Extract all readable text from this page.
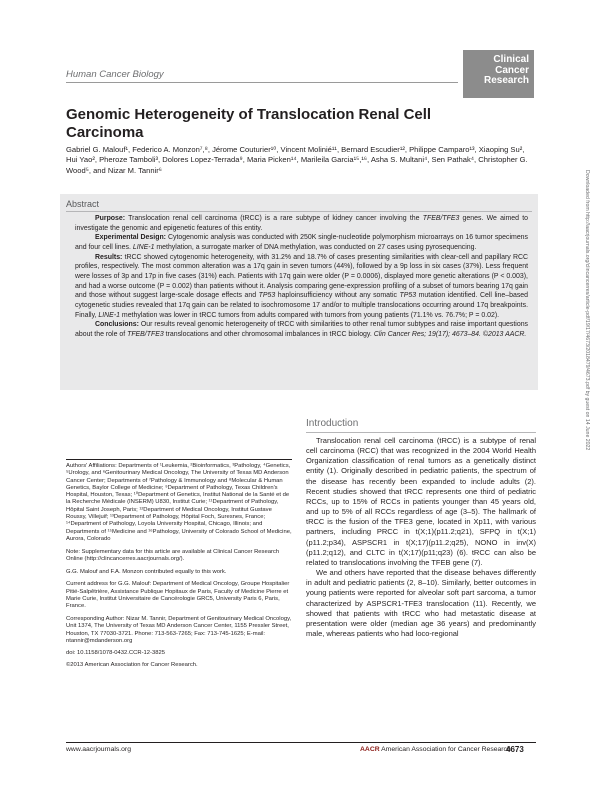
Human Cancer Biology
Clinical
Cancer
Research
Genomic Heterogeneity of Translocation Renal Cell Carcinoma
Gabriel G. Malouf¹, Federico A. Monzon⁷,⁸, Jérome Couturier¹⁰, Vincent Molinié¹¹, Bernard Escudier¹², Philippe Camparo¹³, Xiaoping Su², Hui Yao², Pheroze Tamboli³, Dolores Lopez-Terrada⁹, Maria Picken¹⁴, Marileila Garcia¹⁵,¹⁶, Asha S. Multani⁴, Sen Pathak⁴, Christopher G. Wood⁵, and Nizar M. Tannir⁶
Abstract

Purpose: Translocation renal cell carcinoma (tRCC) is a rare subtype of kidney cancer involving the TFEB/TFE3 genes. We aimed to investigate the genomic and epigenetic features of this entity.

Experimental Design: Cytogenomic analysis was conducted with 250K single-nucleotide polymorphism microarrays on 16 tumor specimens and four cell lines. LINE-1 methylation, a surrogate marker of DNA methylation, was conducted on 27 cases using pyrosequencing.

Results: tRCC showed cytogenomic heterogeneity, with 31.2% and 18.7% of cases presenting similarities with clear-cell and papillary RCC profiles, respectively. The most common alteration was a 17q gain in seven tumors (44%), followed by a 9p loss in six cases (37%). Less frequent were losses of 3p and 17p in five cases (31%) each. Patients with 17q gain were older (P = 0.0006), displayed more genetic alterations (P < 0.003), and had a worse outcome (P = 0.002) than patients without it. Analysis comparing gene-expression profiling of a subset of tumors bearing 17q gain and those without suggest large-scale dosage effects and TP53 haploinsufficiency without any somatic TP53 mutation identified. Cell line–based cytogenetic studies revealed that 17q gain can be related to isochromosome 17 and/or to multiple translocations occurring around 17q breakpoints. Finally, LINE-1 methylation was lower in tRCC tumors from adults compared with tumors from young patients (71.1% vs. 76.7%; P = 0.02).

Conclusions: Our results reveal genomic heterogeneity of tRCC with similarities to other renal tumor subtypes and raise important questions about the role of TFEB/TFE3 translocations and other chromosomal imbalances in tRCC biology. Clin Cancer Res; 19(17); 4673–84. ©2013 AACR.	Downloaded from http://aacrjournals.org/clincancerres/article-pdf/19/17/4673/2018479/4673.pdf by guest on 14 June 2022

Authors' Affiliations: Departments of ¹Leukemia, ²Bioinformatics, ³Pathology, ⁴Genetics, ⁵Urology, and ⁶Genitourinary Medical Oncology, The University of Texas MD Anderson Cancer Center; Departments of ⁷Pathology & Immunology and ⁸Molecular & Human Genetics, Baylor College of Medicine; ⁹Department of Pathology, Texas Children's Hospital, Houston, Texas; ¹⁰Department of Genetics, Institut National de la Santé et de la Recherche Médicale (INSERM) U830, Institut Curie; ¹¹Department of Pathology, Hôpital Saint Joseph, Paris; ¹²Department of Medical Oncology, Institut Gustave Roussy, Villejuif; ¹³Department of Pathology, Hôpital Foch, Suresnes, France; ¹⁴Department of Pathology, Loyola University Hospital, Chicago, Illinois; and Departments of ¹⁵Medicine and ¹⁶Pathology, University of Colorado School of Medicine, Aurora, Colorado

Note: Supplementary data for this article are available at Clinical Cancer Research Online (http://clincancerres.aacrjournals.org/).

G.G. Malouf and F.A. Monzon contributed equally to this work.

Current address for G.G. Malouf: Department of Medical Oncology, Groupe Hospitalier Pitié-Salpêtrière, Assistance Publique Hopitaux de Paris, Faculty of Medicine Pierre et Marie Curie, Institut Universitaire de Cancérologie GRC5, University Paris 6, Paris, France.

Corresponding Author: Nizar M. Tannir, Department of Genitourinary Medical Oncology, Unit 1374, The University of Texas MD Anderson Cancer Center, 1155 Pressler Street, Houston, TX 77030-3721. Phone: 713-563-7265; Fax: 713-745-1625; E-mail: ntannir@mdanderson.org

doi: 10.1158/1078-0432.CCR-12-3825

©2013 American Association for Cancer Research.

Introduction

Translocation renal cell carcinoma (tRCC) is a subtype of renal cell carcinoma (RCC) that was recognized in the 2004 World Health Organization classification of renal tumors as a genetically distinct entity (1). Originally described in pediatric patients, the spectrum of the disease has recently been expanded to include adults (2). Recent studies showed that tRCC represents one third of pediatric RCCs, up to 15% of RCCs in patients younger than 45 years old, and up to 5% of all RCCs regardless of age (3–5). The hallmark of tRCC is the fusion of the TFE3 gene, located in Xp11, with various partners, including PRCC in t(X;1)(p11.2;q21), SFPQ in t(X;1)(p11.2;p34), ASPSCR1 in t(X;17)(p11.2;q25), NONO in inv(X)(p11.2;q12), and CLTC in t(X;17)(p11;q23) (6). tRCC can also be related to translocations involving the TFEB gene (7).

We and others have reported that the disease behaves differently in adult and pediatric patients (2, 8–10). Similarly, better outcomes in young patients were reported for alveolar soft part sarcoma, a tumor characterized by ASPSCR1-TFE3 translocation (11). Recently, we showed that patients with tRCC who had metastatic disease at presentation were older (median age 36 years) and predominantly male, whereas patients who had loco-regional

www.aacrjournals.org	AACR American Association for Cancer Research
4673
